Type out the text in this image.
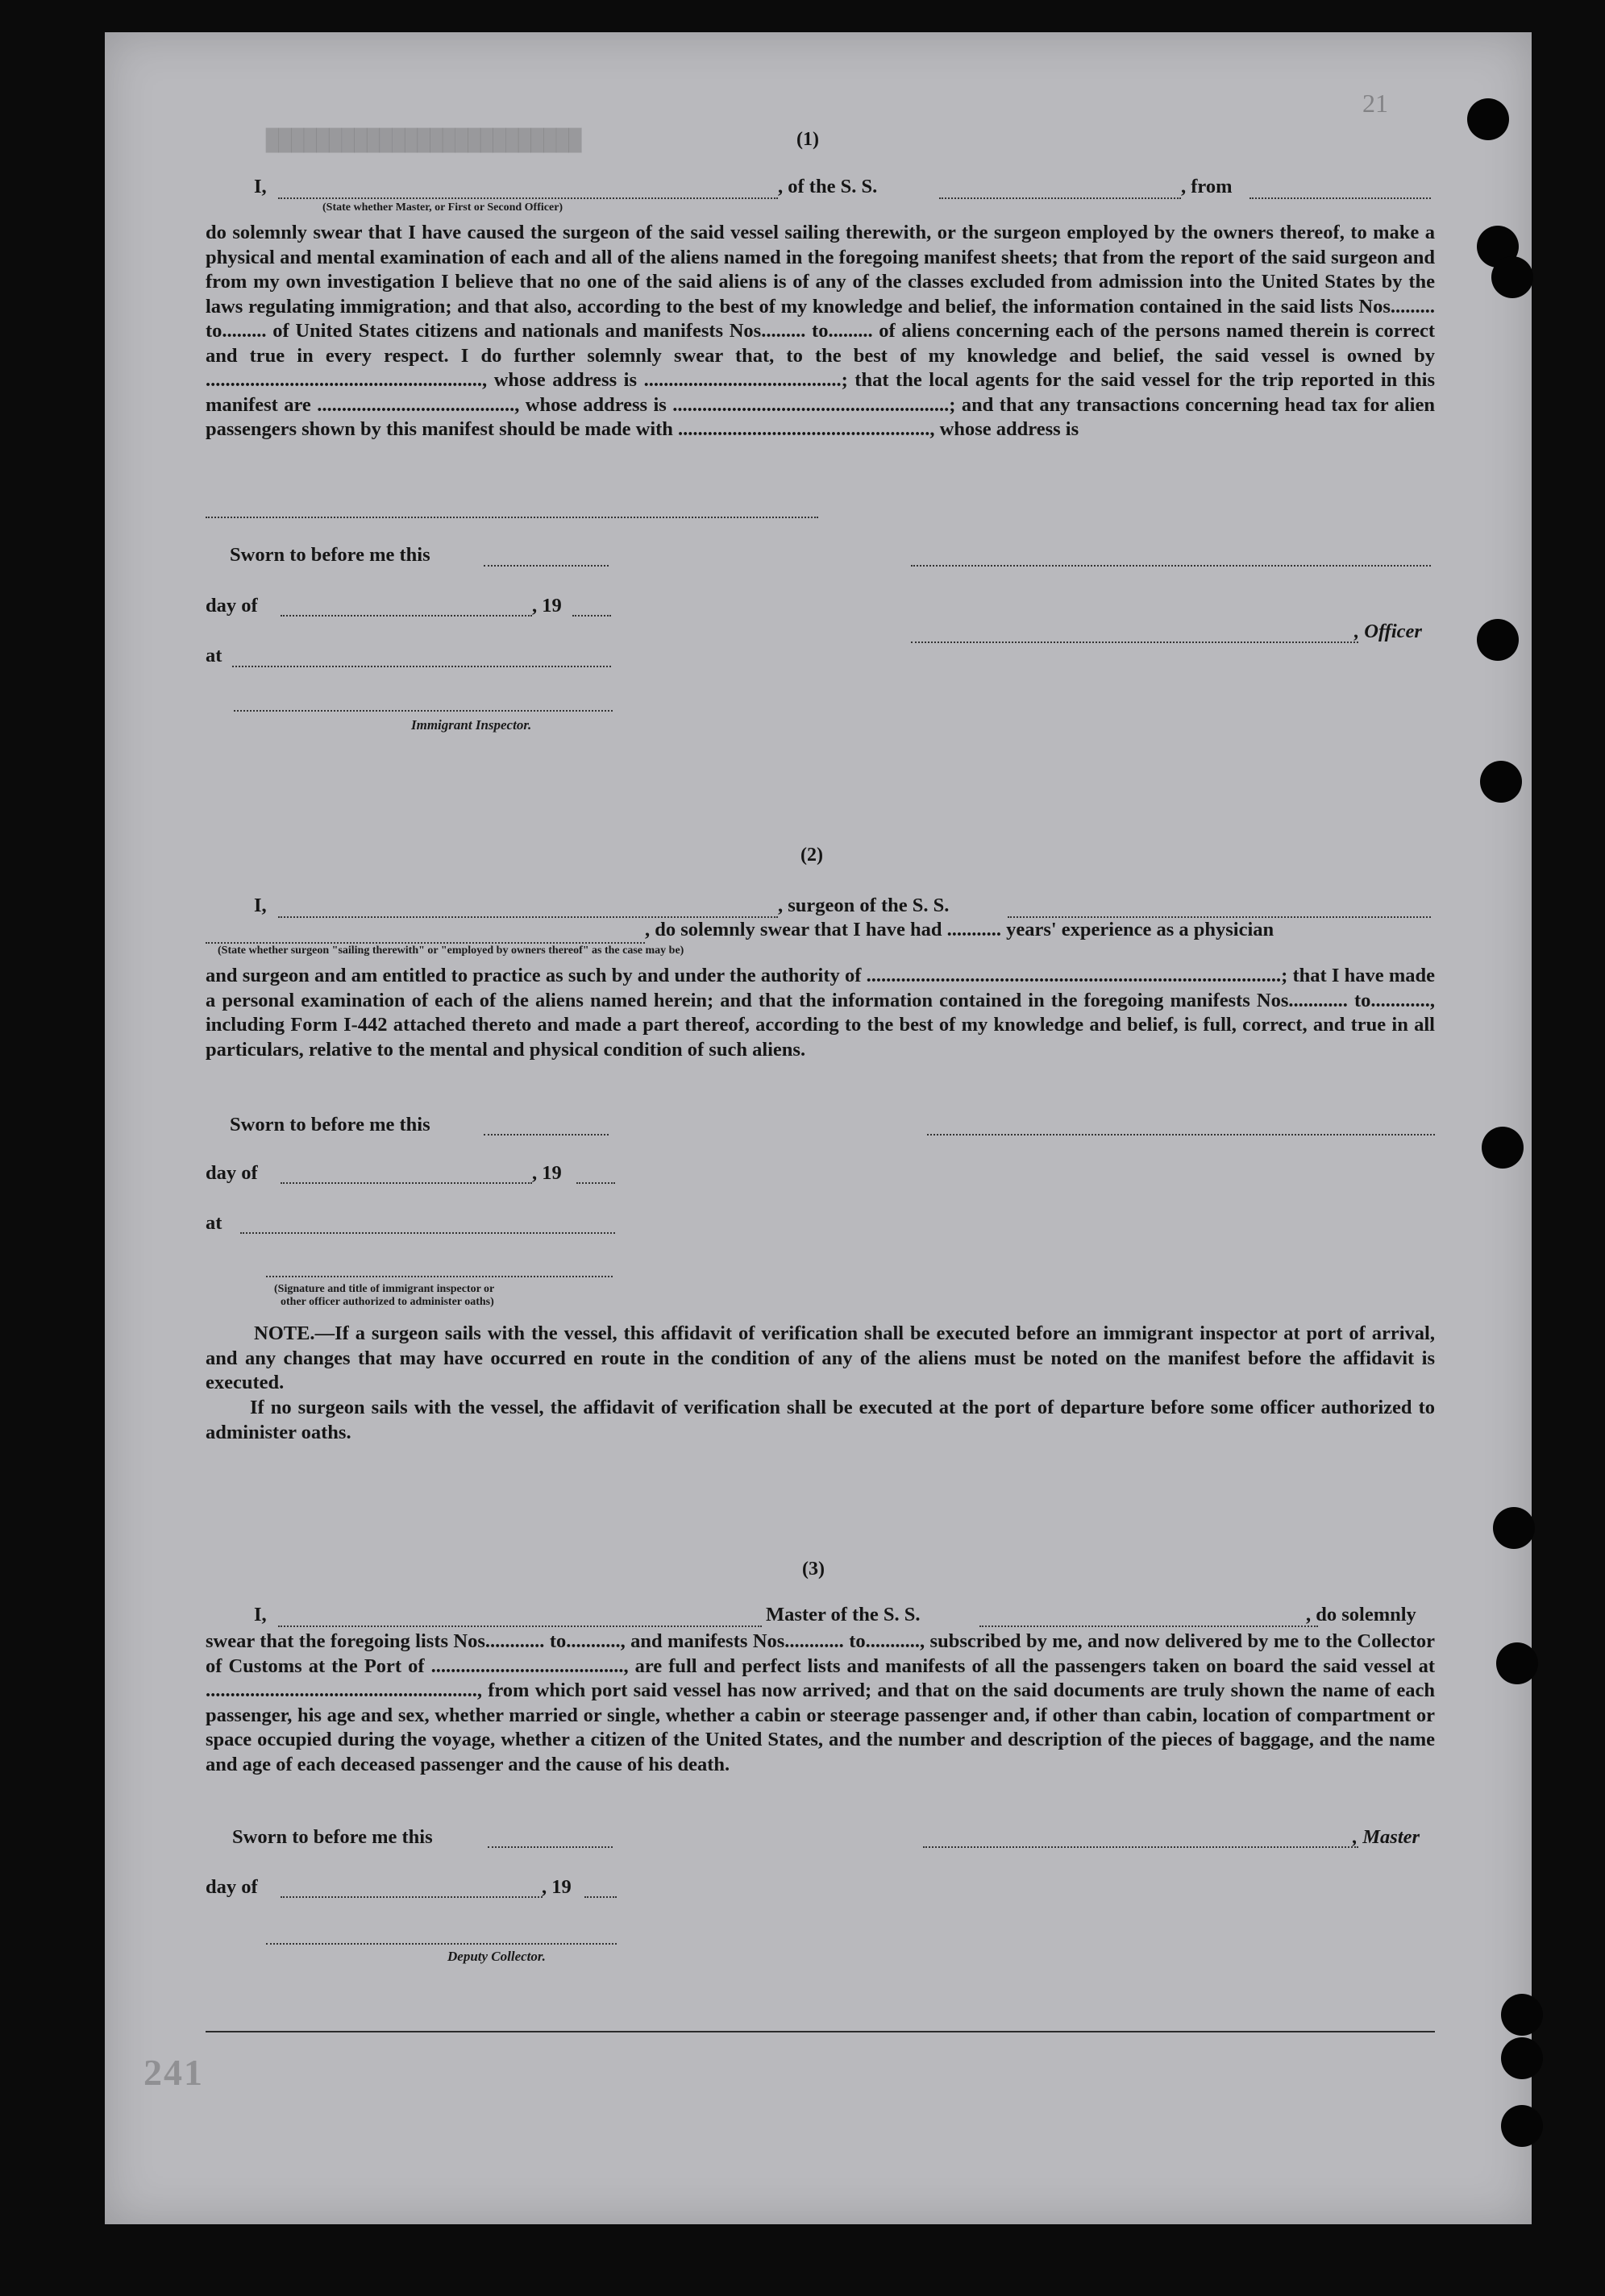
21
█████████████████████████	(1)
I,	, of the S. S.	, from
(State whether Master, or First or Second Officer)
do solemnly swear that I have caused the surgeon of the said vessel sailing therewith, or the surgeon employed by the owners thereof, to make a physical and mental examination of each and all of the aliens named in the foregoing manifest sheets; that from the report of the said surgeon and from my own investigation I believe that no one of the said aliens is of any of the classes excluded from admission into the United States by the laws regulating immigration; and that also, according to the best of my knowledge and belief, the information contained in the said lists Nos......... to......... of United States citizens and nationals and manifests Nos......... to......... of aliens concerning each of the persons named therein is correct and true in every respect. I do further solemnly swear that, to the best of my knowledge and belief, the said vessel is owned by ........................................................, whose address is ........................................; that the local agents for the said vessel for the trip reported in this manifest are ........................................, whose address is ........................................................; and that any transactions concerning head tax for alien passengers shown by this manifest should be made with ..................................................., whose address is
Sworn to before me this
day of	, 19
, Officer
at
Immigrant Inspector.
(2)
I,	, surgeon of the S. S.
, do solemnly swear that I have had ........... years' experience as a physician
(State whether surgeon "sailing therewith" or "employed by owners thereof" as the case may be)
and surgeon and am entitled to practice as such by and under the authority of ....................................................................................; that I have made a personal examination of each of the aliens named herein; and that the information contained in the foregoing manifests Nos............ to............, including Form I-442 attached thereto and made a part thereof, according to the best of my knowledge and belief, is full, correct, and true in all particulars, relative to the mental and physical condition of such aliens.
Sworn to before me this
day of	, 19
at
(Signature and title of immigrant inspector or
other officer authorized to administer oaths)
NOTE.—If a surgeon sails with the vessel, this affidavit of verification shall be executed before an immigrant inspector at port of arrival, and any changes that may have occurred en route in the condition of any of the aliens must be noted on the manifest before the affidavit is executed.
If no surgeon sails with the vessel, the affidavit of verification shall be executed at the port of departure before some officer authorized to administer oaths.
(3)
I,	Master of the S. S.	, do solemnly
swear that the foregoing lists Nos............ to..........., and manifests Nos............ to..........., subscribed by me, and now delivered by me to the Collector of Customs at the Port of ......................................., are full and perfect lists and manifests of all the passengers taken on board the said vessel at ......................................................., from which port said vessel has now arrived; and that on the said documents are truly shown the name of each passenger, his age and sex, whether married or single, whether a cabin or steerage passenger and, if other than cabin, location of compartment or space occupied during the voyage, whether a citizen of the United States, and the number and description of the pieces of baggage, and the name and age of each deceased passenger and the cause of his death.
Sworn to before me this	, Master
day of	, 19
Deputy Collector.
241
